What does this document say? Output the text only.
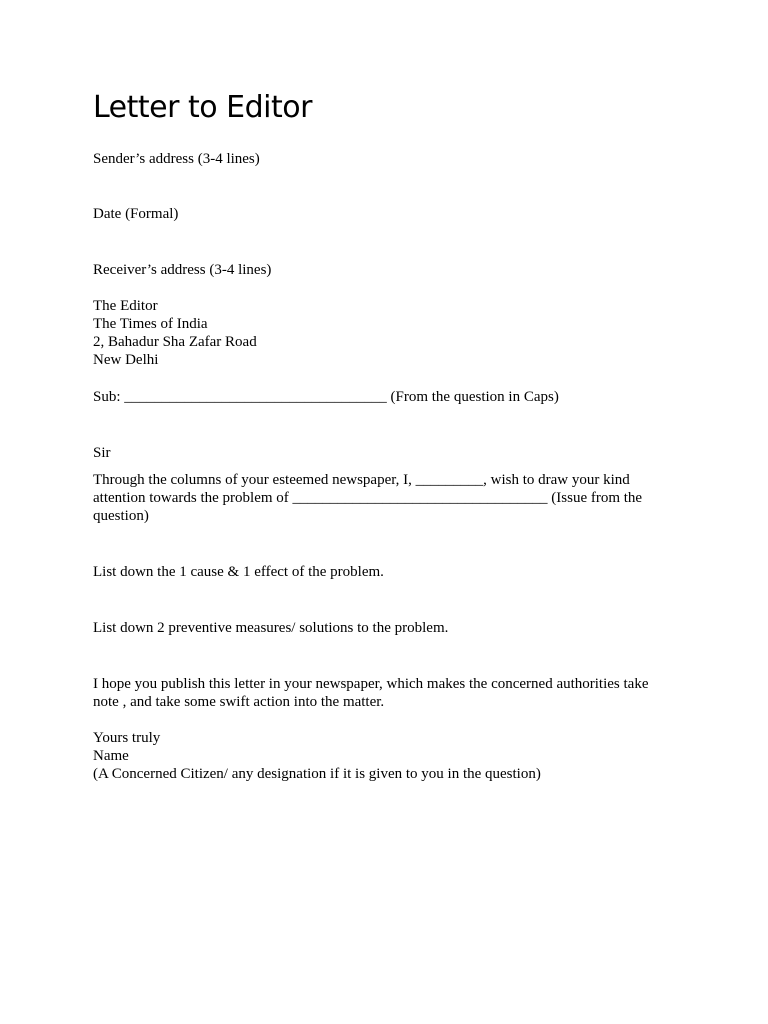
Letter to Editor
Sender’s address (3-4 lines)
Date (Formal)
Receiver’s address (3-4 lines)
The Editor
The Times of India
2, Bahadur Sha Zafar Road
New Delhi
Sub: ___________________________________ (From the question in Caps)
Sir
Through the columns of your esteemed newspaper, I, _________, wish to draw your kind attention towards the problem of __________________________________ (Issue from the question)
List down the 1 cause & 1 effect of the problem.
List down 2 preventive measures/ solutions to the problem.
I hope you publish this letter in your newspaper, which makes the concerned authorities take note , and take some swift action into the matter.
Yours truly
Name
(A Concerned Citizen/ any designation if it is given to you in the question)
